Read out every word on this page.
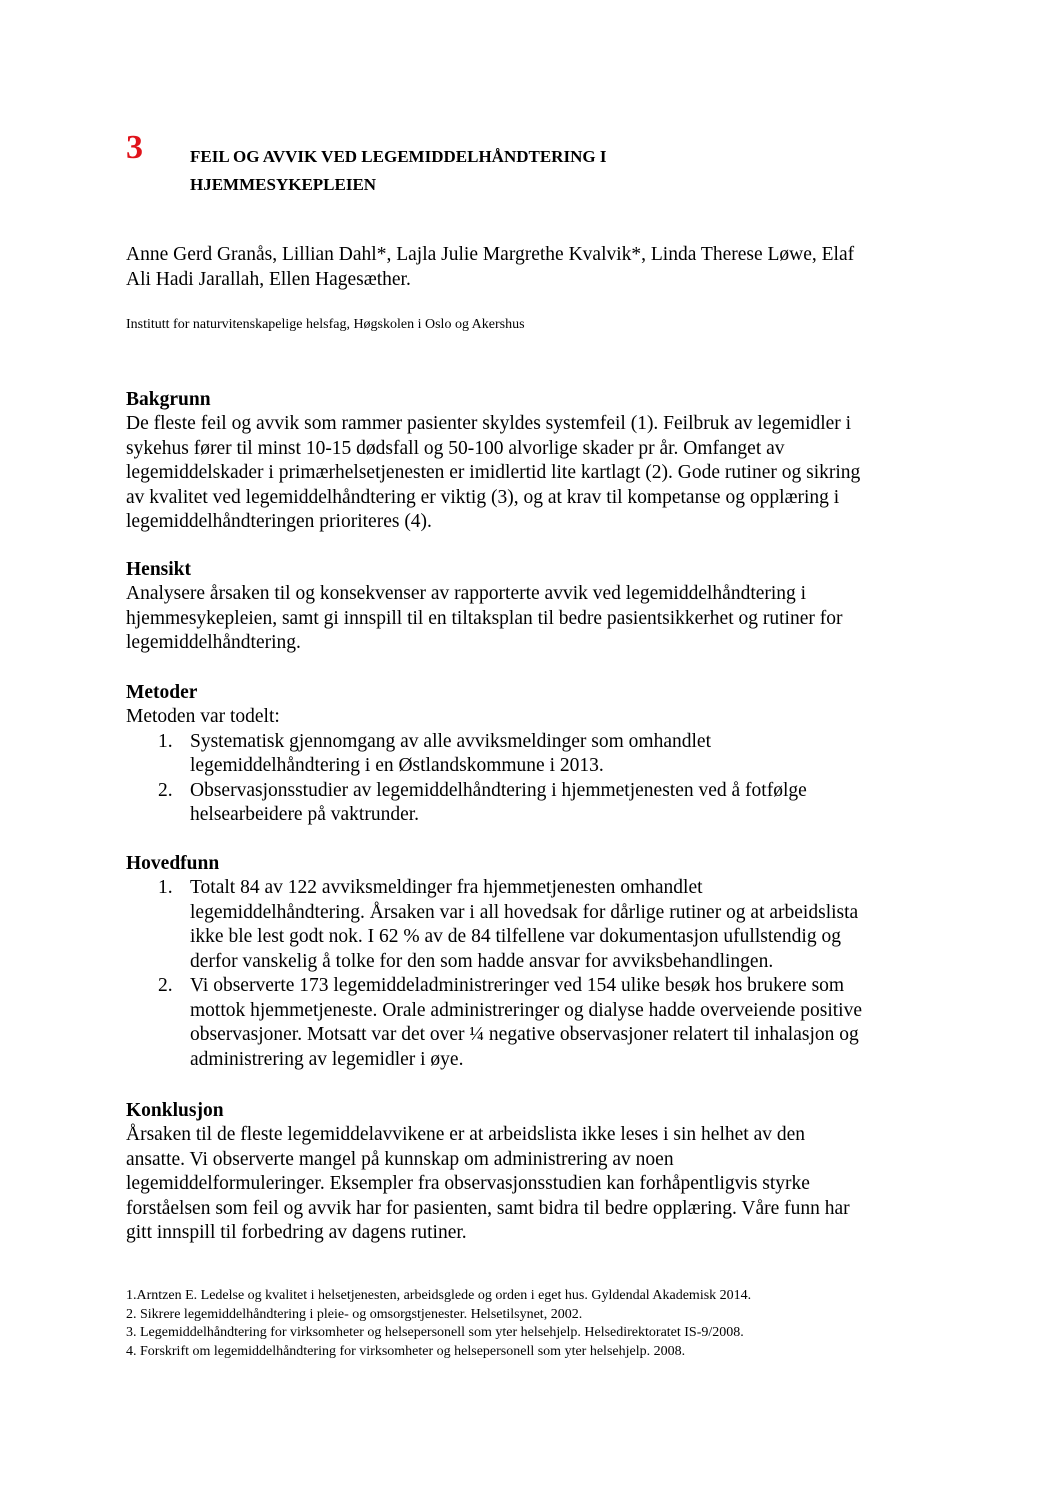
3	FEIL OG AVVIK VED LEGEMIDDELHÅNDTERING I
HJEMMESYKEPLEIEN
Anne Gerd Granås, Lillian Dahl*, Lajla Julie Margrethe Kvalvik*, Linda Therese Løwe, Elaf
Ali Hadi Jarallah, Ellen Hagesæther.
Institutt for naturvitenskapelige helsfag, Høgskolen i Oslo og Akershus
Bakgrunn

De fleste feil og avvik som rammer pasienter skyldes systemfeil (1). Feilbruk av legemidler i
sykehus fører til minst 10-15 dødsfall og 50-100 alvorlige skader pr år. Omfanget av
legemiddelskader i primærhelsetjenesten er imidlertid lite kartlagt (2). Gode rutiner og sikring
av kvalitet ved legemiddelhåndtering er viktig (3), og at krav til kompetanse og opplæring i
legemiddelhåndteringen prioriteres (4).

Hensikt

Analysere årsaken til og konsekvenser av rapporterte avvik ved legemiddelhåndtering i
hjemmesykepleien, samt gi innspill til en tiltaksplan til bedre pasientsikkerhet og rutiner for
legemiddelhåndtering.

Metoder

Metoden var todelt:

1. Systematisk gjennomgang av alle avviksmeldinger som omhandlet
legemiddelhåndtering i en Østlandskommune i 2013.
2. Observasjonsstudier av legemiddelhåndtering i hjemmetjenesten ved å fotfølge
helsearbeidere på vaktrunder.
Hovedfunn
1. Totalt 84 av 122 avviksmeldinger fra hjemmetjenesten omhandlet
legemiddelhåndtering. Årsaken var i all hovedsak for dårlige rutiner og at arbeidslista
ikke ble lest godt nok. I 62 % av de 84 tilfellene var dokumentasjon ufullstendig og
derfor vanskelig å tolke for den som hadde ansvar for avviksbehandlingen.
2. Vi observerte 173 legemiddeladministreringer ved 154 ulike besøk hos brukere som
mottok hjemmetjeneste. Orale administreringer og dialyse hadde overveiende positive
observasjoner. Motsatt var det over ¼ negative observasjoner relatert til inhalasjon og
administrering av legemidler i øye.
Konklusjon

Årsaken til de fleste legemiddelavvikene er at arbeidslista ikke leses i sin helhet av den
ansatte. Vi observerte mangel på kunnskap om administrering av noen
legemiddelformuleringer. Eksempler fra observasjonsstudien kan forhåpentligvis styrke
forståelsen som feil og avvik har for pasienten, samt bidra til bedre opplæring. Våre funn har
gitt innspill til forbedring av dagens rutiner.

1.Arntzen E. Ledelse og kvalitet i helsetjenesten, arbeidsglede og orden i eget hus. Gyldendal Akademisk 2014.
2. Sikrere legemiddelhåndtering i pleie- og omsorgstjenester. Helsetilsynet, 2002.
3. Legemiddelhåndtering for virksomheter og helsepersonell som yter helsehjelp. Helsedirektoratet IS-9/2008.
4. Forskrift om legemiddelhåndtering for virksomheter og helsepersonell som yter helsehjelp. 2008.
